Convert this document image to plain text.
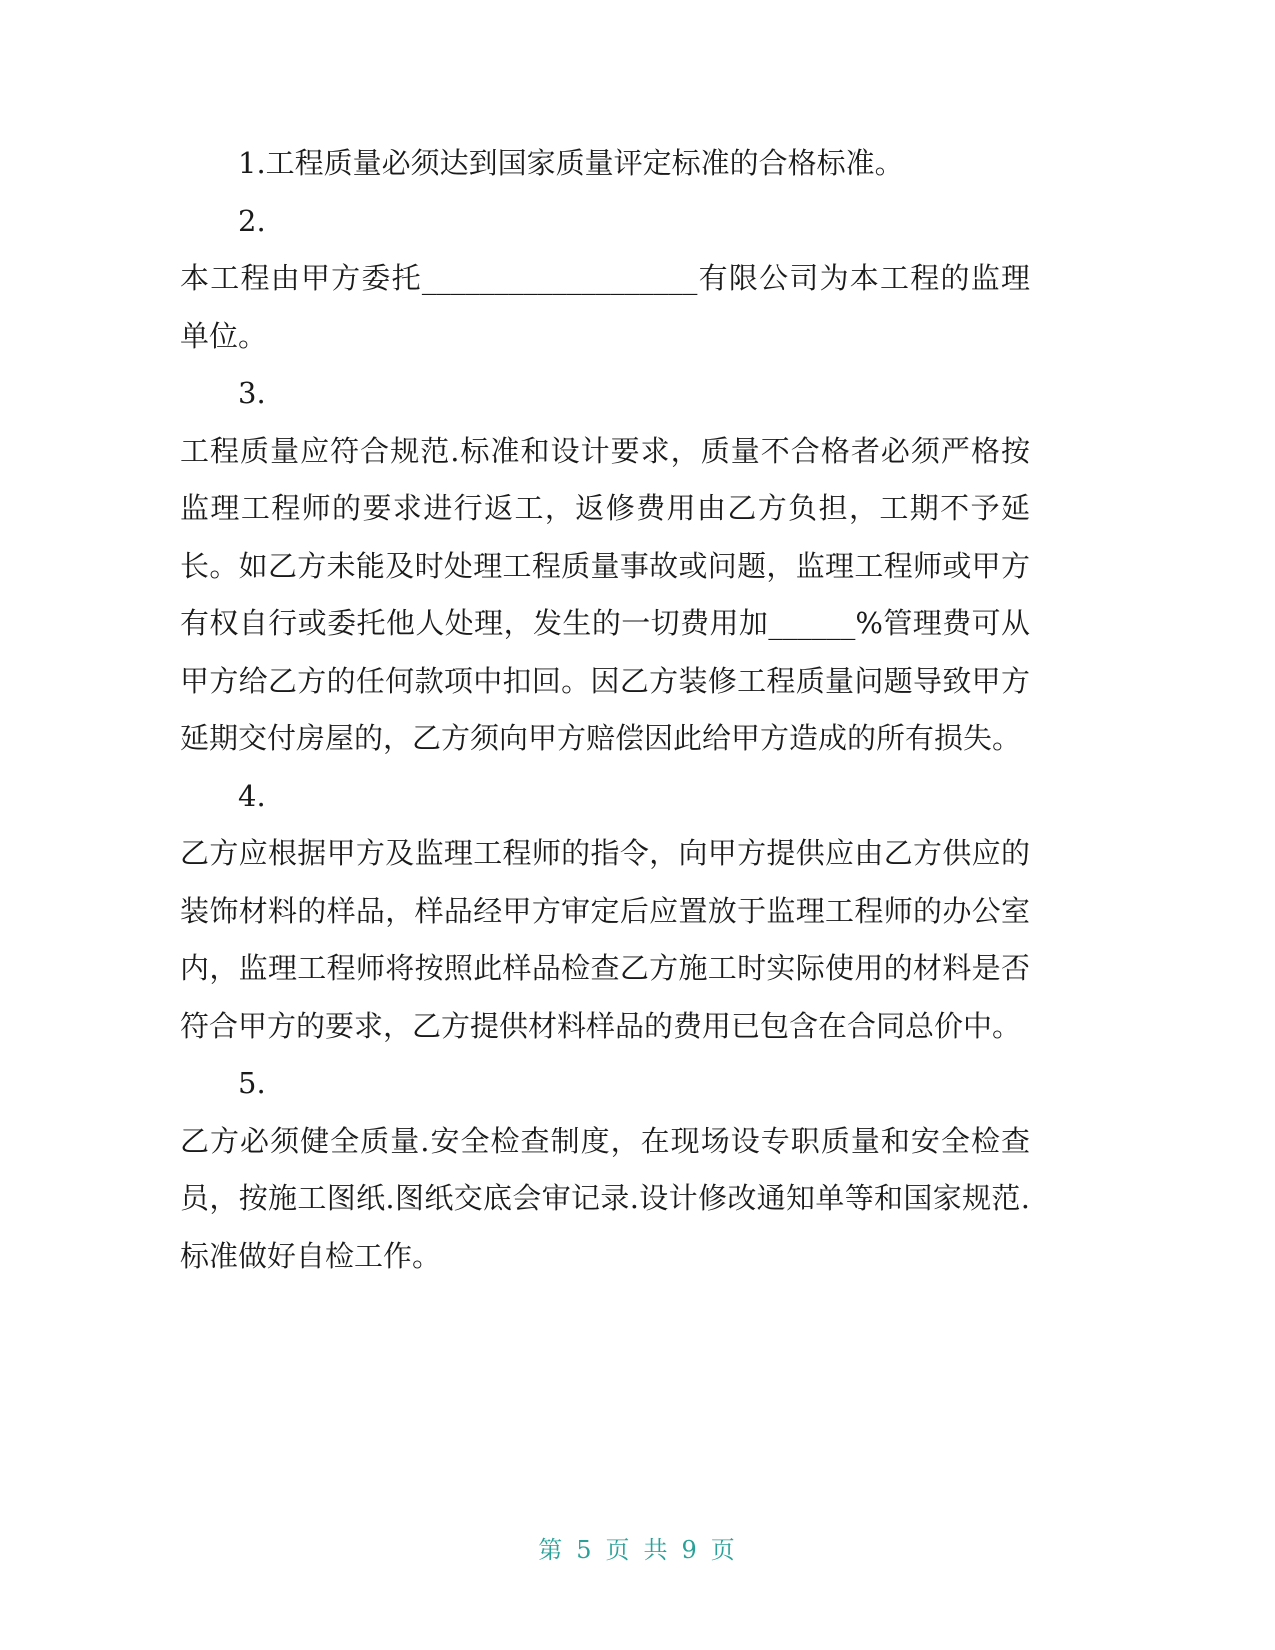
1.工程质量必须达到国家质量评定标准的合格标准。

2.

本工程由甲方委托___________________有限公司为本工程的监理单位。

3.

工程质量应符合规范.标准和设计要求，质量不合格者必须严格按监理工程师的要求进行返工，返修费用由乙方负担，工期不予延长。如乙方未能及时处理工程质量事故或问题，监理工程师或甲方有权自行或委托他人处理，发生的一切费用加______%管理费可从甲方给乙方的任何款项中扣回。因乙方装修工程质量问题导致甲方延期交付房屋的，乙方须向甲方赔偿因此给甲方造成的所有损失。

4.

乙方应根据甲方及监理工程师的指令，向甲方提供应由乙方供应的装饰材料的样品，样品经甲方审定后应置放于监理工程师的办公室内，监理工程师将按照此样品检查乙方施工时实际使用的材料是否符合甲方的要求，乙方提供材料样品的费用已包含在合同总价中。

5.

乙方必须健全质量.安全检查制度，在现场设专职质量和安全检查员，按施工图纸.图纸交底会审记录.设计修改通知单等和国家规范.标准做好自检工作。

第 5 页 共 9 页
